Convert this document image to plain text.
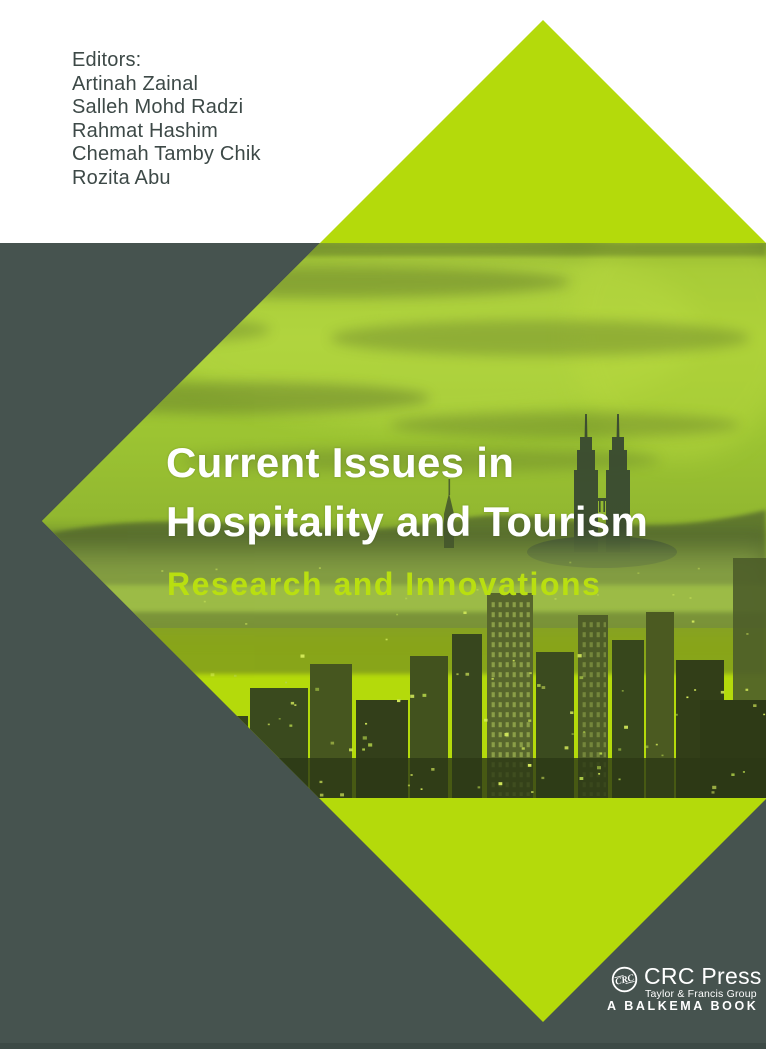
Editors:
Artinah Zainal
Salleh Mohd Radzi
Rahmat Hashim
Chemah Tamby Chik
Rozita Abu
Current Issues in
Hospitality and Tourism
Research and Innovations
CRC CRC Press
Taylor & Francis Group
A BALKEMA BOOK
